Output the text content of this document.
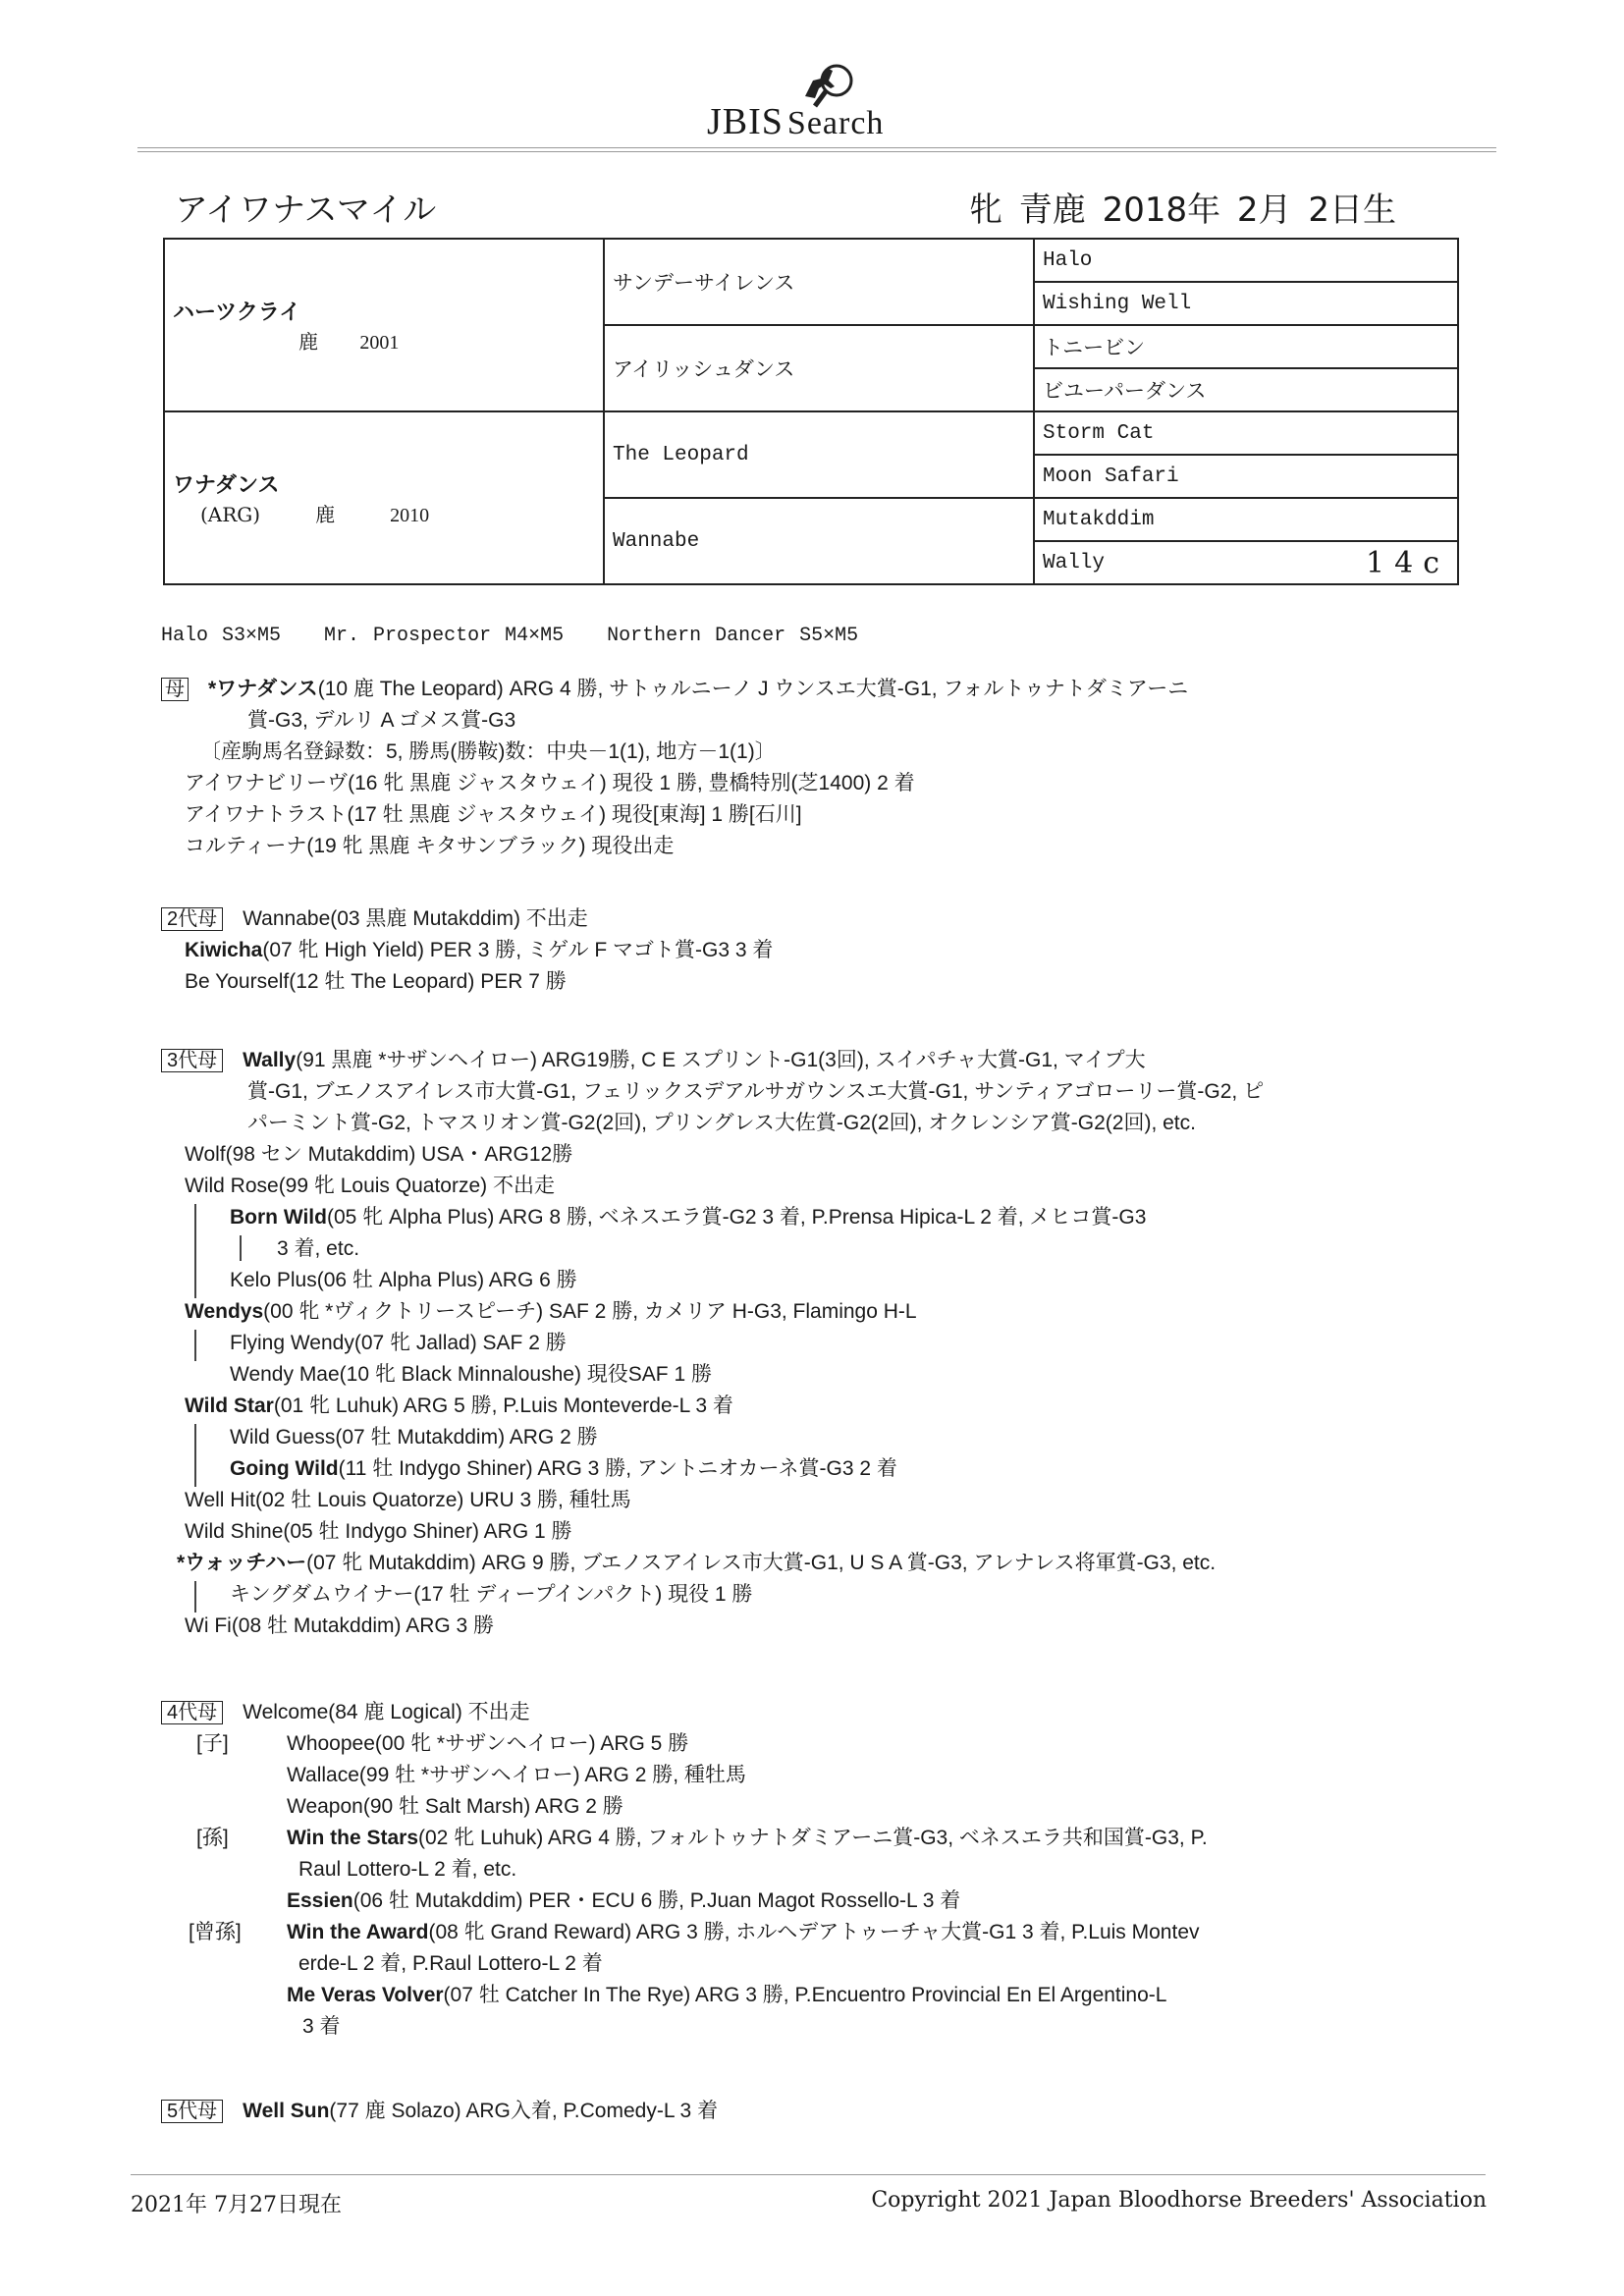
JBIS Search
アイワナスマイル	牝 青鹿 2018年 2月 2日生
ハーツクライ
鹿 2001	サンデーサイレンス	Halo
		Wishing Well
	アイリッシュダンス	トニービン
		ビユーパーダンス

ワナダンス
(ARG) 鹿 2010	The Leopard	Storm Cat
		Moon Safari
	Wannabe	Mutakddim
		Wally 14c
Halo S3×M5 Mr. Prospector M4×M5 Northern Dancer S5×M5
母 *ワナダンス(10 鹿 The Leopard) ARG 4 勝, サトゥルニーノ J ウンスエ大賞-G1, フォルトゥナトダミアーニ
賞-G3, デルリ A ゴメス賞-G3
〔産駒馬名登録数：5, 勝馬(勝鞍)数：中央－1(1), 地方－1(1)〕
アイワナビリーヴ(16 牝 黒鹿 ジャスタウェイ) 現役 1 勝, 豊橋特別(芝1400) 2 着
アイワナトラスト(17 牡 黒鹿 ジャスタウェイ) 現役[東海] 1 勝[石川]
コルティーナ(19 牝 黒鹿 キタサンブラック) 現役出走
2代母 Wannabe(03 黒鹿 Mutakddim) 不出走
Kiwicha(07 牝 High Yield) PER 3 勝, ミゲル F マゴト賞-G3 3 着
Be Yourself(12 牡 The Leopard) PER 7 勝
3代母 Wally(91 黒鹿 *サザンヘイロー) ARG19勝, C E スプリント-G1(3回), スイパチャ大賞-G1, マイプ大
賞-G1, ブエノスアイレス市大賞-G1, フェリックスデアルサガウンスエ大賞-G1, サンティアゴローリー賞-G2, ピ
パーミント賞-G2, トマスリオン賞-G2(2回), プリングレス大佐賞-G2(2回), オクレンシア賞-G2(2回), etc.
Wolf(98 セン Mutakddim) USA・ARG12勝
Wild Rose(99 牝 Louis Quatorze) 不出走
Born Wild(05 牝 Alpha Plus) ARG 8 勝, ベネスエラ賞-G2 3 着, P.Prensa Hipica-L 2 着, メヒコ賞-G3
3 着, etc.
Kelo Plus(06 牡 Alpha Plus) ARG 6 勝
Wendys(00 牝 *ヴィクトリースピーチ) SAF 2 勝, カメリア H-G3, Flamingo H-L
Flying Wendy(07 牝 Jallad) SAF 2 勝
Wendy Mae(10 牝 Black Minnaloushe) 現役SAF 1 勝
Wild Star(01 牝 Luhuk) ARG 5 勝, P.Luis Monteverde-L 3 着
Wild Guess(07 牡 Mutakddim) ARG 2 勝
Going Wild(11 牡 Indygo Shiner) ARG 3 勝, アントニオカーネ賞-G3 2 着
Well Hit(02 牡 Louis Quatorze) URU 3 勝, 種牡馬
Wild Shine(05 牡 Indygo Shiner) ARG 1 勝
*ウォッチハー(07 牝 Mutakddim) ARG 9 勝, ブエノスアイレス市大賞-G1, U S A 賞-G3, アレナレス将軍賞-G3, etc.
キングダムウイナー(17 牡 ディープインパクト) 現役 1 勝
Wi Fi(08 牡 Mutakddim) ARG 3 勝
4代母 Welcome(84 鹿 Logical) 不出走
[子]	Whoopee(00 牝 *サザンヘイロー) ARG 5 勝
Wallace(99 牡 *サザンヘイロー) ARG 2 勝, 種牡馬
Weapon(90 牡 Salt Marsh) ARG 2 勝
[孫]	Win the Stars(02 牝 Luhuk) ARG 4 勝, フォルトゥナトダミアーニ賞-G3, ベネスエラ共和国賞-G3, P.
Raul Lottero-L 2 着, etc.
Essien(06 牡 Mutakddim) PER・ECU 6 勝, P.Juan Magot Rossello-L 3 着
[曾孫] Win the Award(08 牝 Grand Reward) ARG 3 勝, ホルヘデアトゥーチャ大賞-G1 3 着, P.Luis Montev
erde-L 2 着, P.Raul Lottero-L 2 着
Me Veras Volver(07 牡 Catcher In The Rye) ARG 3 勝, P.Encuentro Provincial En El Argentino-L
3 着
5代母 Well Sun(77 鹿 Solazo) ARG入着, P.Comedy-L 3 着
2021年 7月27日現在	Copyright 2021 Japan Bloodhorse Breeders' Association
